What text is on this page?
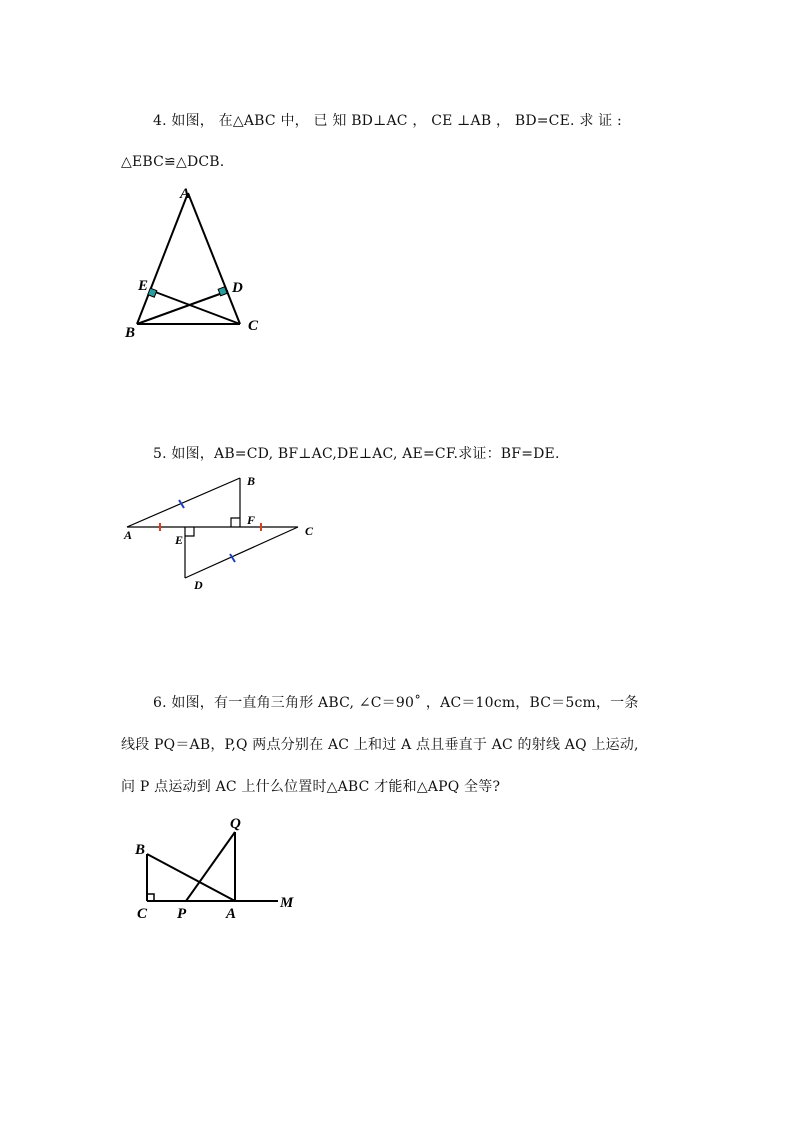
4. 如图， 在△ABC 中， 已 知 BD⊥AC ， CE ⊥AB ， BD=CE. 求 证 :
△EBC≌△DCB.
A
E	D
B	C
5. 如图，AB=CD, BF⊥AC,DE⊥AC, AE=CF.求证：BF=DE.
B
F
C
A	E
D
6. 如图，有一直角三角形 ABC, ∠C＝90˚ ，AC＝10cm，BC＝5cm，一条
线段 PQ＝AB，P,Q 两点分别在 AC 上和过 A 点且垂直于 AC 的射线 AQ 上运动,
问 P 点运动到 AC 上什么位置时△ABC 才能和△APQ 全等?
Q
B
C P	A
M
